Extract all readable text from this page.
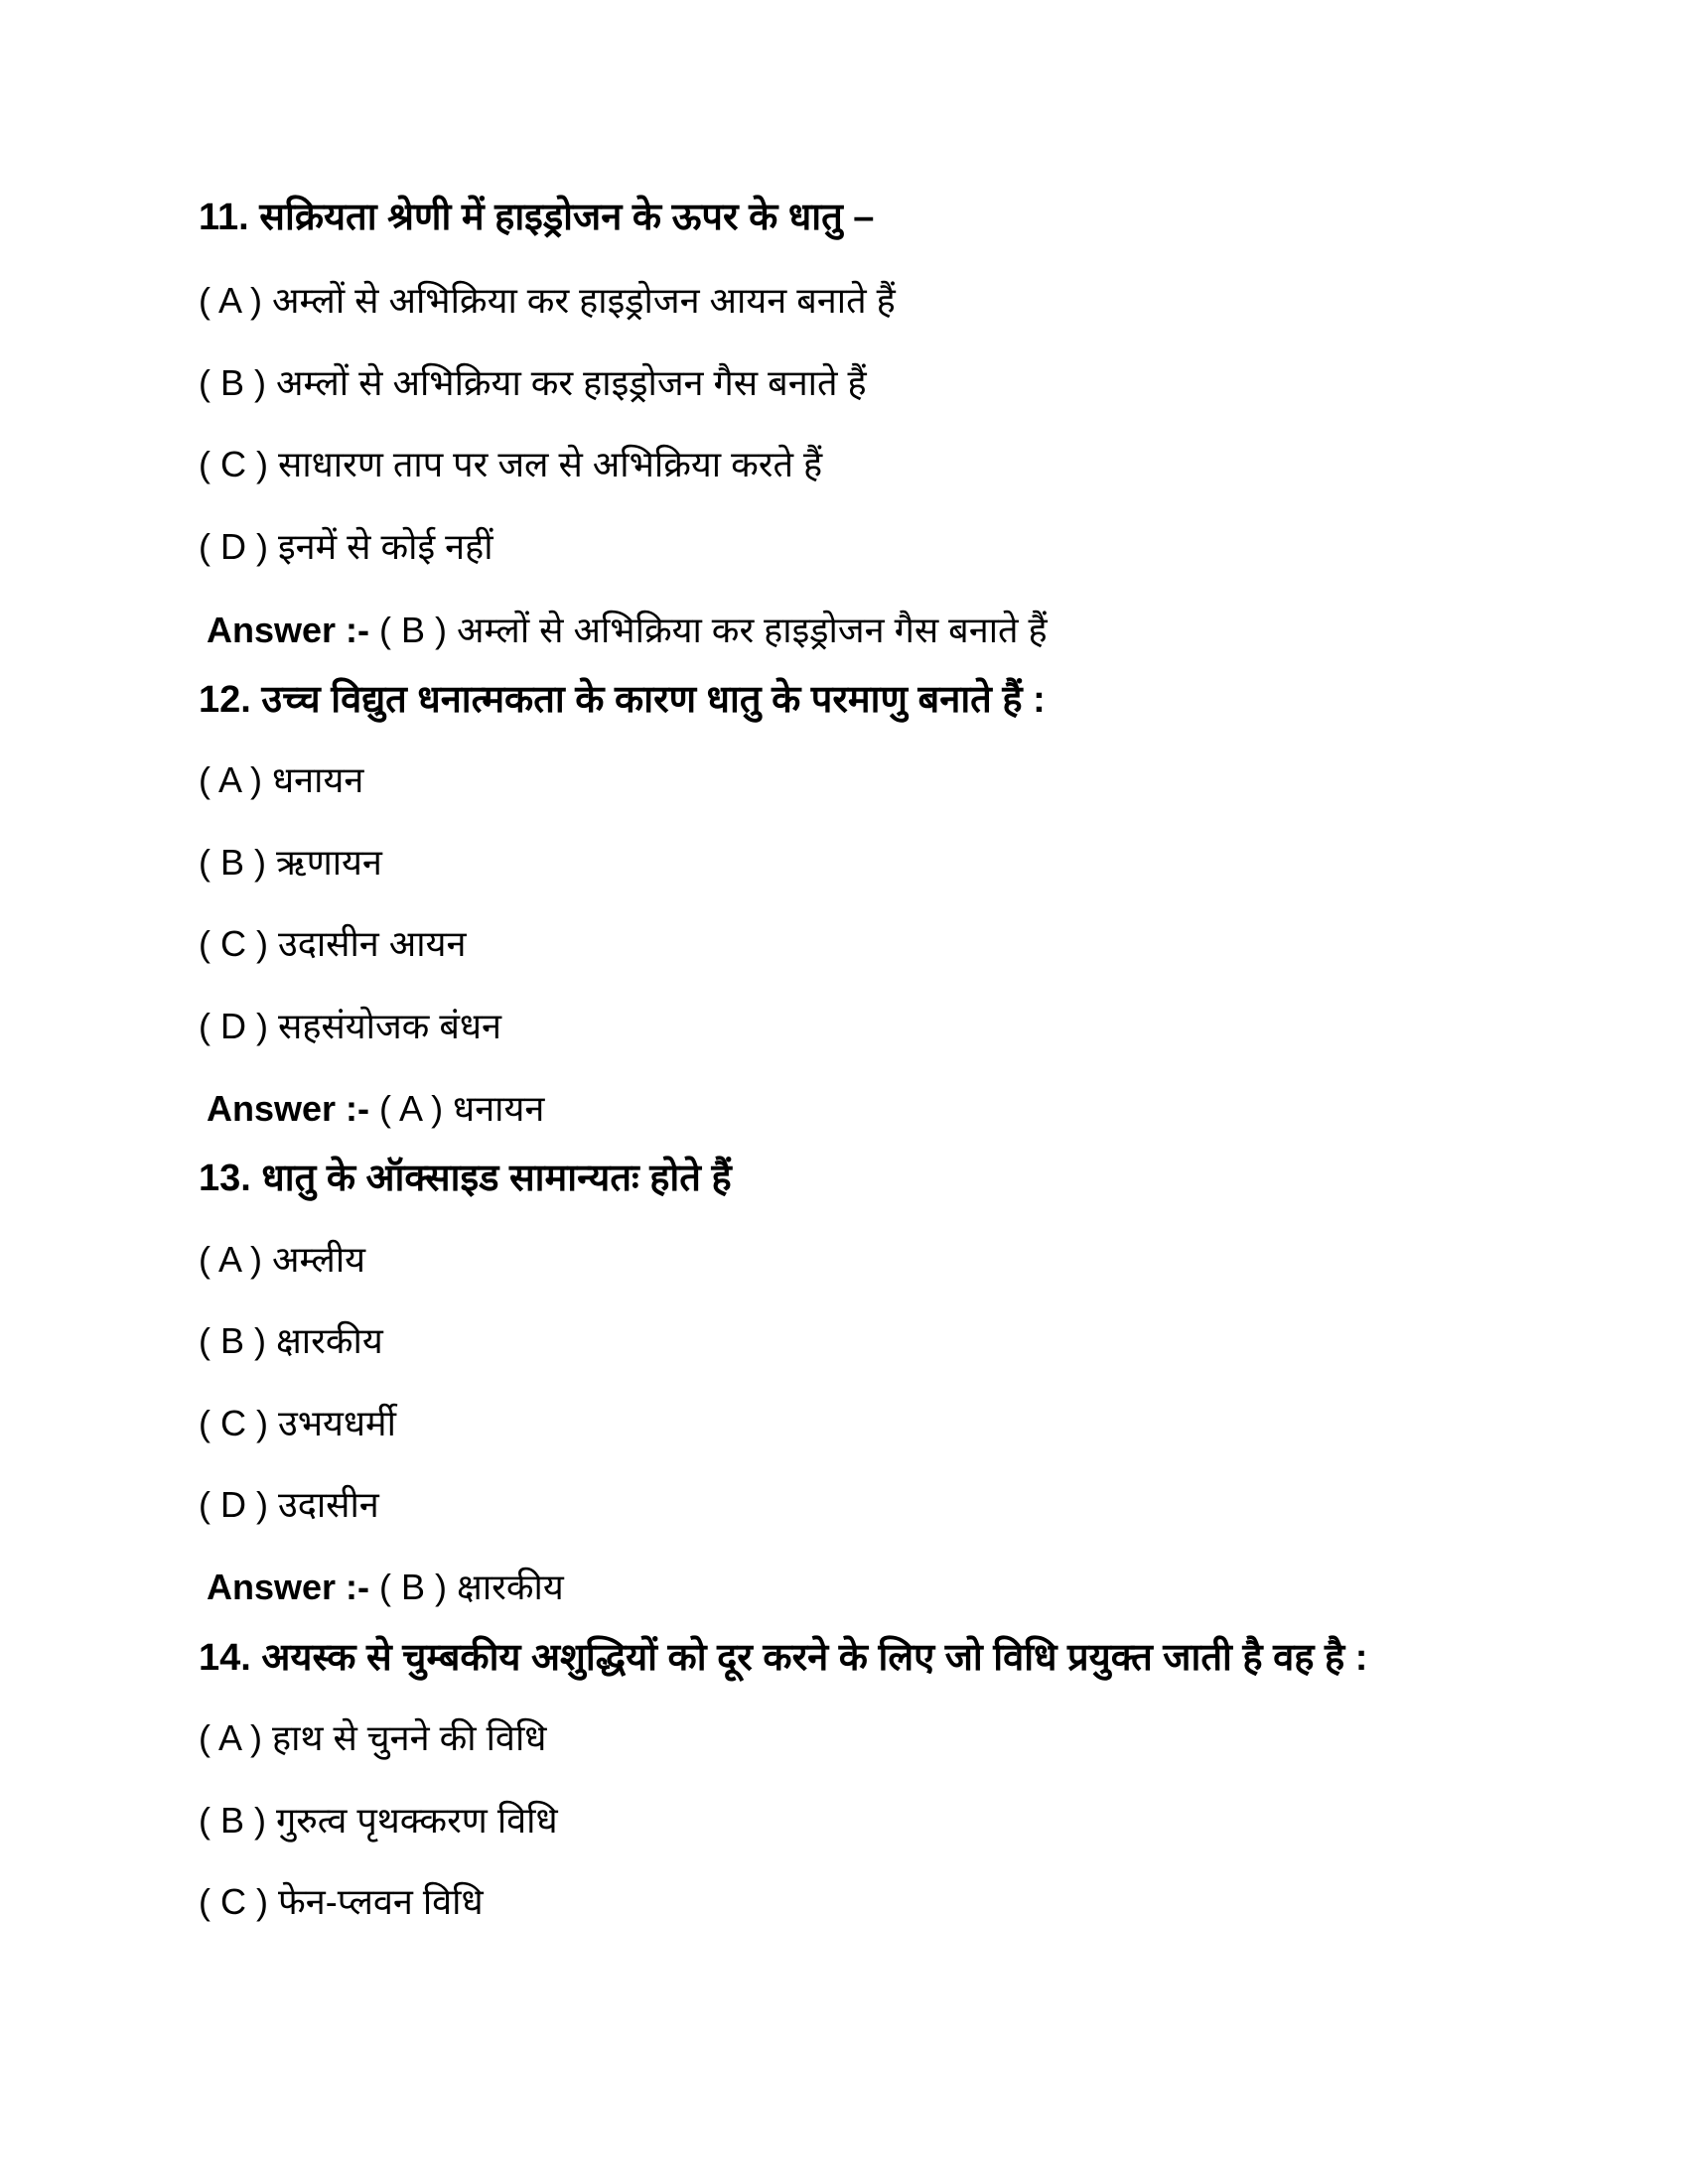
11. सक्रियता श्रेणी में हाइड्रोजन के ऊपर के धातु –
( A ) अम्लों से अभिक्रिया कर हाइड्रोजन आयन बनाते हैं
( B ) अम्लों से अभिक्रिया कर हाइड्रोजन गैस बनाते हैं
( C ) साधारण ताप पर जल से अभिक्रिया करते हैं
( D ) इनमें से कोई नहीं
Answer :- ( B ) अम्लों से अभिक्रिया कर हाइड्रोजन गैस बनाते हैं
12. उच्च विद्युत धनात्मकता के कारण धातु के परमाणु बनाते हैं :
( A ) धनायन
( B ) ऋणायन
( C ) उदासीन आयन
( D ) सहसंयोजक बंधन
Answer :- ( A ) धनायन
13. धातु के ऑक्साइड सामान्यतः होते हैं
( A ) अम्लीय
( B ) क्षारकीय
( C ) उभयधर्मी
( D ) उदासीन
Answer :- ( B ) क्षारकीय
14. अयस्क से चुम्बकीय अशुद्धियों को दूर करने के लिए जो विधि प्रयुक्त जाती है वह है :
( A ) हाथ से चुनने की विधि
( B ) गुरुत्व पृथक्करण विधि
( C ) फेन-प्लवन विधि
